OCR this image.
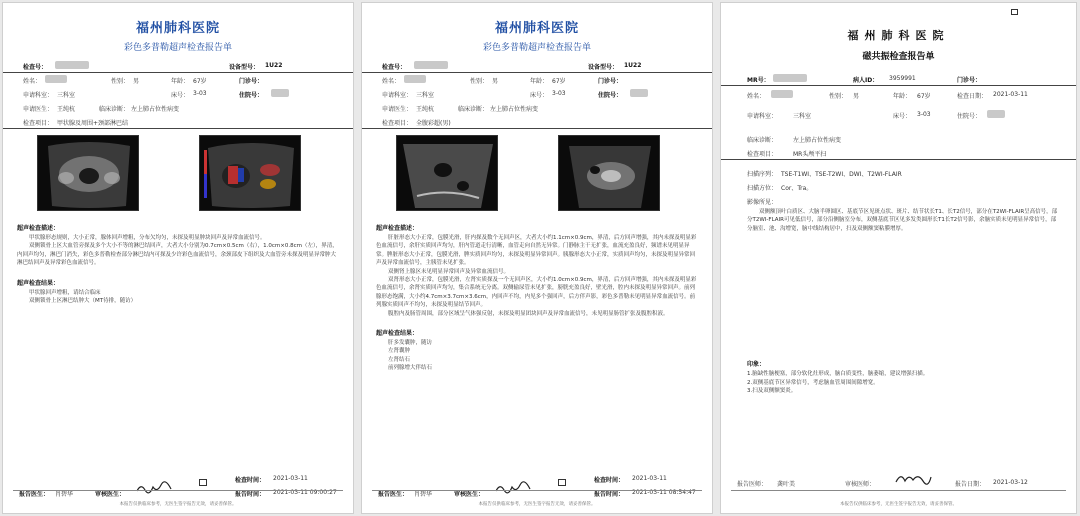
福州肺科医院
彩色多普勒超声检查报告单
检查号：	设备型号： 1U22
姓名：	性别： 男	年龄： 67岁	门诊号：
申请科室： 三科室	床号： 3-03	住院号：
申请医生： 王纯杭	临床诊断： 左上肺占位性病变
检查项目： 甲状腺及周围+颈部淋巴结
超声检查描述：

甲状腺形态规则，大小正常，腺体回声增粗，分布欠均匀，未探及明显肿块回声及异常血流信号。

双侧锁骨上区大血管旁探及多个大小不等的淋巴结回声，大者大小分别为0.7cm×0.5cm（右），1.0cm×0.8cm（左），界清，内回声均匀，淋巴门消失，彩色多普勒检查部分淋巴结内可探及少许彩色血流信号，余颈部皮下组织及大血管旁未探及明显异常肿大淋巴结回声及异常彩色血流信号。

超声检查结果：
甲状腺回声增粗，请结合临床
双侧锁骨上区淋巴结肿大（MT待排，随访）
检查时间： 2021-03-11
报告医生： 肖碧华	审核医生：	报告时间： 2021-03-11 09:00:27
本报告仅供临床参考，无医生签字报告无效，请妥善保管。
福州肺科医院
彩色多普勒超声检查报告单
检查号：	设备型号： 1U22
姓名：	性别： 男	年龄： 67岁	门诊号：
申请科室： 三科室	床号： 3-03	住院号：
申请医生： 王纯杭	临床诊断： 左上肺占位性病变
检查项目： 全腹彩超(男)
超声检查描述：

肝脏形态大小正常，包膜光滑，肝内探及数个无回声区，大者大小约1.1cm×0.9cm，界清，后方回声增强，其内未探及明显彩色血流信号，余肝实质回声均匀，肝内管道走行清晰，血管走向自然无异常。门静脉主干无扩张，血流充盈良好，频谱未见明显异常。脾脏形态大小正常，包膜光滑，脾实质回声均匀，未探及明显异常回声。胰腺形态大小正常，实质回声均匀，未探及明显异常回声及异常血流信号，主胰管未见扩张。

双侧肾上腺区未见明显异常回声及异常血流信号。

双肾形态大小正常，包膜光滑，左肾实质探及一个无回声区，大小约1.0cm×0.9cm，界清，后方回声增强，其内未探及明显彩色血流信号，余肾实质回声均匀，集合系统无分离。双侧输尿管未见扩张，膀胱充盈良好，壁光滑，腔内未探及明显异常回声。前列腺形态饱满，大小约4.7cm×3.7cm×3.6cm，内回声不均，内见多个强回声，后方伴声影，彩色多普勒未见明显异常血流信号。前列腺实质回声不均匀，未探及明显结节回声。

腹腔内及肠管周围，部分区域呈气体强反射，未探及明显团块回声及异常血流信号，未见明显肠管扩张及腹腔积液。

超声检查结果：
肝多发囊肿，随访
左肾囊肿
左肾结石
前列腺增大伴结石
检查时间： 2021-03-11
报告医生： 肖碧华	审核医生：	报告时间： 2021-03-11 08:54:47
本报告仅供临床参考，无医生签字报告无效，请妥善保管。
福州肺科医院
磁共振检查报告单
MR号：	病人ID： 3959991	门诊号：
姓名：	性别： 男	年龄： 67岁	检查日期： 2021-03-11
申请科室：	三科室	床号： 3-03	住院号：
临床诊断：	左上肺占位性病变
检查项目：	MR头颅平扫
扫描序列： TSE-T1WI、TSE-T2WI、DWI、T2WI-FLAIR
扫描方位： Cor、Tra。
影像所见：

双侧额顶叶白质区、大脑半卵圆区、基底节区见斑点状、斑片、结节状长T1、长T2信号，部分在T2WI-FLAIR呈高信号，部分T2WI-FLAIR可见低信号，部分沿侧脑室分布，双侧基底节区见多发类圆形长T1长T2信号影，余脑实质未见明显异常信号，部分脑室、池、沟增宽，脑中线结构居中，扫及双侧额窦粘膜增厚。

印象：
1.脑缺性脑梗塞，部分软化灶形成，脑白质变性，脑萎缩，建议增强扫描。
2.双侧基底节区异常信号，考虑脑血管周围间隙增宽。
3.扫及双侧额窦炎。
报告医师： 龚叶美	审核医师：	报告日期： 2021-03-12
本报告仅供临床参考，无医生签字报告无效，请妥善保管。
